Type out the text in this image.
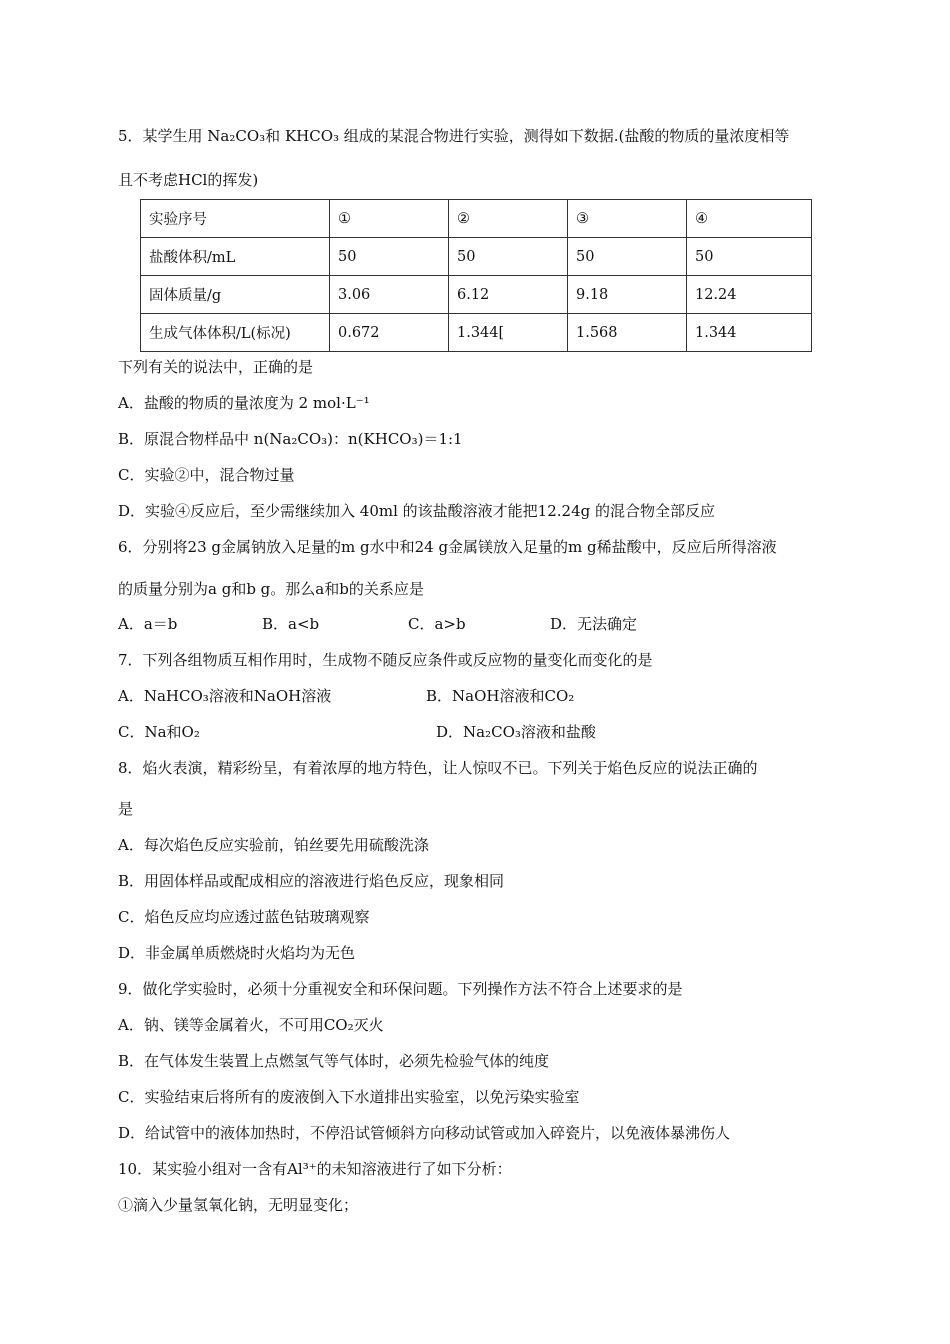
5．某学生用 Na₂CO₃和 KHCO₃ 组成的某混合物进行实验，测得如下数据.(盐酸的物质的量浓度相等
且不考虑HCl的挥发)
实验序号	①	②	③	④
盐酸体积/mL	50	50	50	50
固体质量/g	3.06	6.12	9.18	12.24
生成气体体积/L(标况)	0.672	1.344[	1.568	1.344
下列有关的说法中，正确的是
A．盐酸的物质的量浓度为 2 mol·L⁻¹
B．原混合物样品中 n(Na₂CO₃)：n(KHCO₃)＝1:1
C．实验②中，混合物过量
D．实验④反应后，至少需继续加入 40ml 的该盐酸溶液才能把12.24g 的混合物全部反应
6．分别将23 g金属钠放入足量的m g水中和24 g金属镁放入足量的m g稀盐酸中，反应后所得溶液
的质量分别为a g和b g。那么a和b的关系应是
A．a＝b	B．a<b	C．a>b	D．无法确定
7．下列各组物质互相作用时，生成物不随反应条件或反应物的量变化而变化的是
A．NaHCO₃溶液和NaOH溶液	B．NaOH溶液和CO₂
C．Na和O₂	D．Na₂CO₃溶液和盐酸
8．焰火表演，精彩纷呈，有着浓厚的地方特色，让人惊叹不已。下列关于焰色反应的说法正确的
是
A．每次焰色反应实验前，铂丝要先用硫酸洗涤
B．用固体样品或配成相应的溶液进行焰色反应，现象相同
C．焰色反应均应透过蓝色钴玻璃观察
D．非金属单质燃烧时火焰均为无色
9．做化学实验时，必须十分重视安全和环保问题。下列操作方法不符合上述要求的是
A．钠、镁等金属着火，不可用CO₂灭火
B．在气体发生装置上点燃氢气等气体时，必须先检验气体的纯度
C．实验结束后将所有的废液倒入下水道排出实验室，以免污染实验室
D．给试管中的液体加热时，不停沿试管倾斜方向移动试管或加入碎瓷片，以免液体暴沸伤人
10．某实验小组对一含有Al³⁺的未知溶液进行了如下分析：
①滴入少量氢氧化钠，无明显变化；
